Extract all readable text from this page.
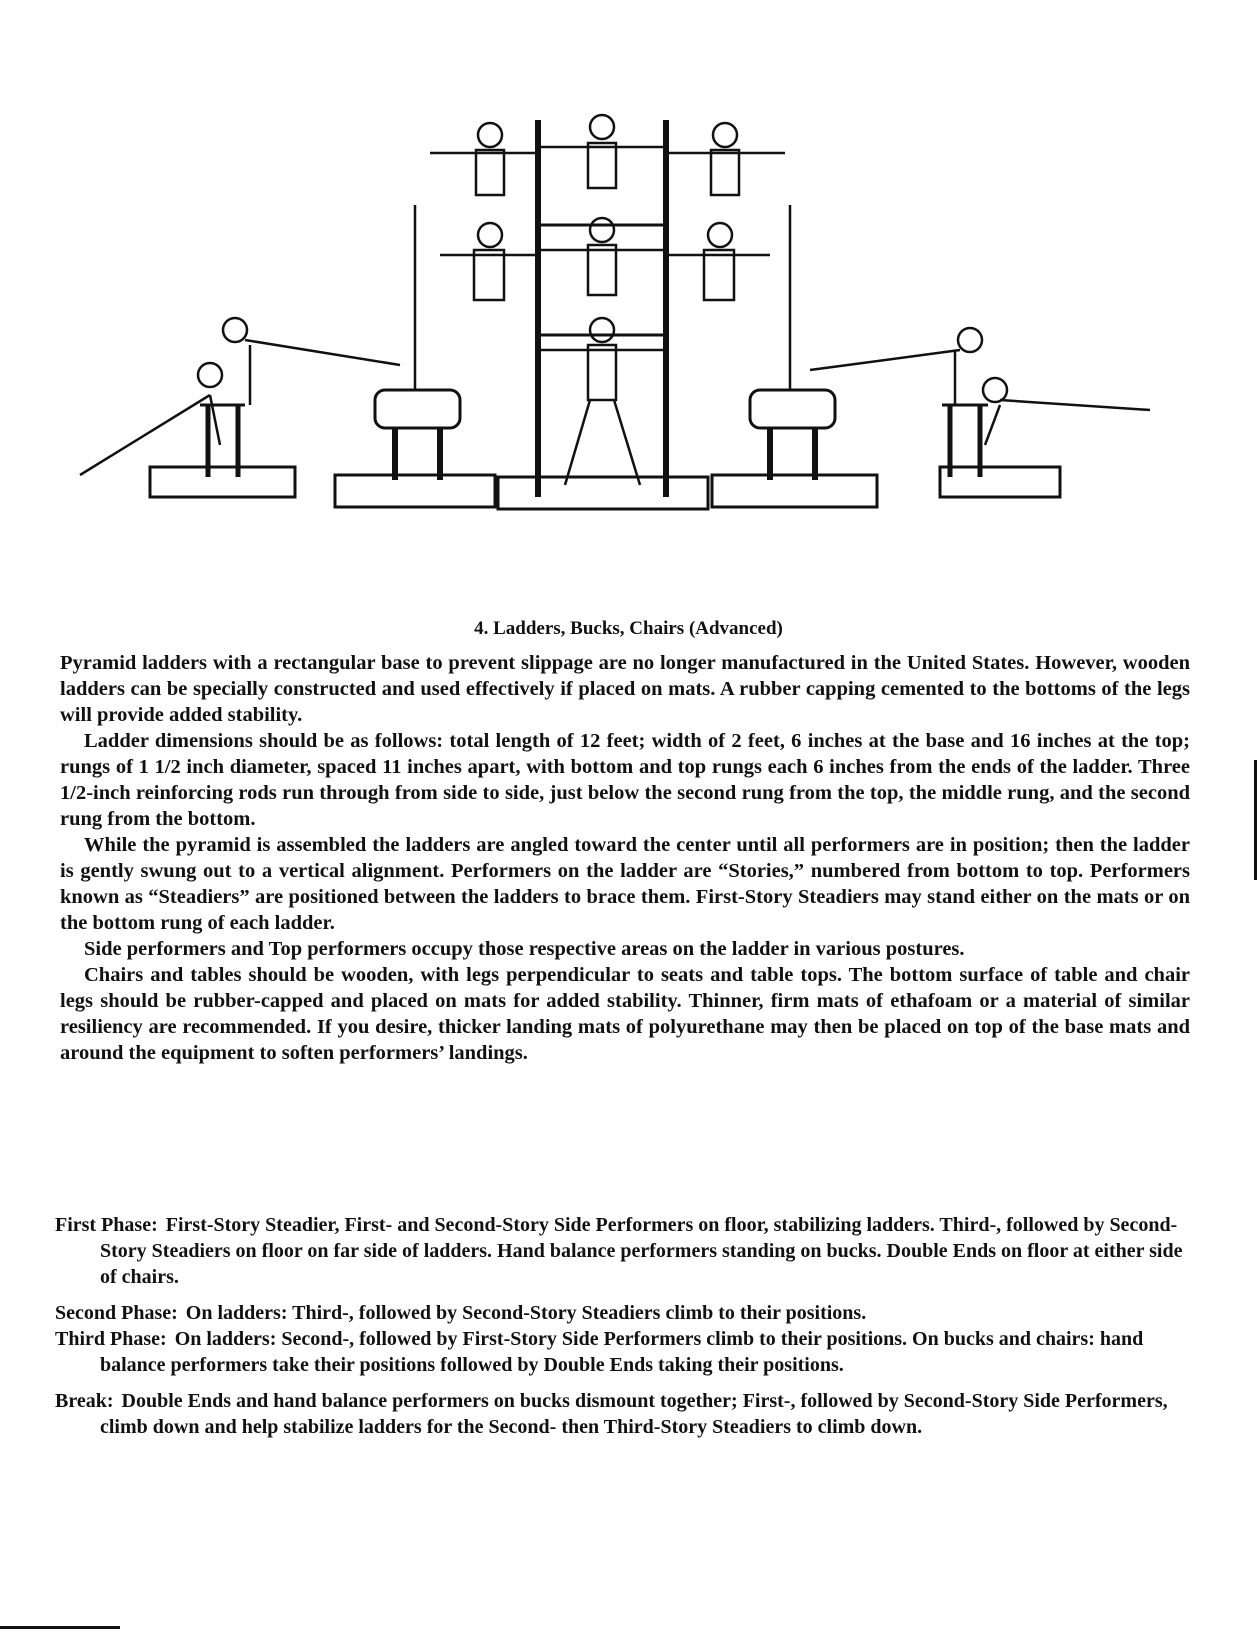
4. Ladders, Bucks, Chairs (Advanced)

Pyramid ladders with a rectangular base to prevent slippage are no longer manufactured in the United States. However, wooden ladders can be specially constructed and used effectively if placed on mats. A rubber capping cemented to the bottoms of the legs will provide added stability.

Ladder dimensions should be as follows: total length of 12 feet; width of 2 feet, 6 inches at the base and 16 inches at the top; rungs of 1 1/2 inch diameter, spaced 11 inches apart, with bottom and top rungs each 6 inches from the ends of the ladder. Three 1/2-inch reinforcing rods run through from side to side, just below the second rung from the top, the middle rung, and the second rung from the bottom.

While the pyramid is assembled the ladders are angled toward the center until all performers are in position; then the ladder is gently swung out to a vertical alignment. Performers on the ladder are “Stories,” numbered from bottom to top. Performers known as “Steadiers” are positioned between the ladders to brace them. First-Story Steadiers may stand either on the mats or on the bottom rung of each ladder.

Side performers and Top performers occupy those respective areas on the ladder in various postures.

Chairs and tables should be wooden, with legs perpendicular to seats and table tops. The bottom surface of table and chair legs should be rubber-capped and placed on mats for added stability. Thinner, firm mats of ethafoam or a material of similar resiliency are recommended. If you desire, thicker landing mats of polyurethane may then be placed on top of the base mats and around the equipment to soften performers’ landings.

First Phase: First-Story Steadier, First- and Second-Story Side Performers on floor, stabilizing ladders. Third-, followed by Second-Story Steadiers on floor on far side of ladders. Hand balance performers standing on bucks. Double Ends on floor at either side of chairs.
Second Phase: On ladders: Third-, followed by Second-Story Steadiers climb to their positions.
Third Phase: On ladders: Second-, followed by First-Story Side Performers climb to their positions. On bucks and chairs: hand balance performers take their positions followed by Double Ends taking their positions.
Break: Double Ends and hand balance performers on bucks dismount together; First-, followed by Second-Story Side Performers, climb down and help stabilize ladders for the Second- then Third-Story Steadiers to climb down.
